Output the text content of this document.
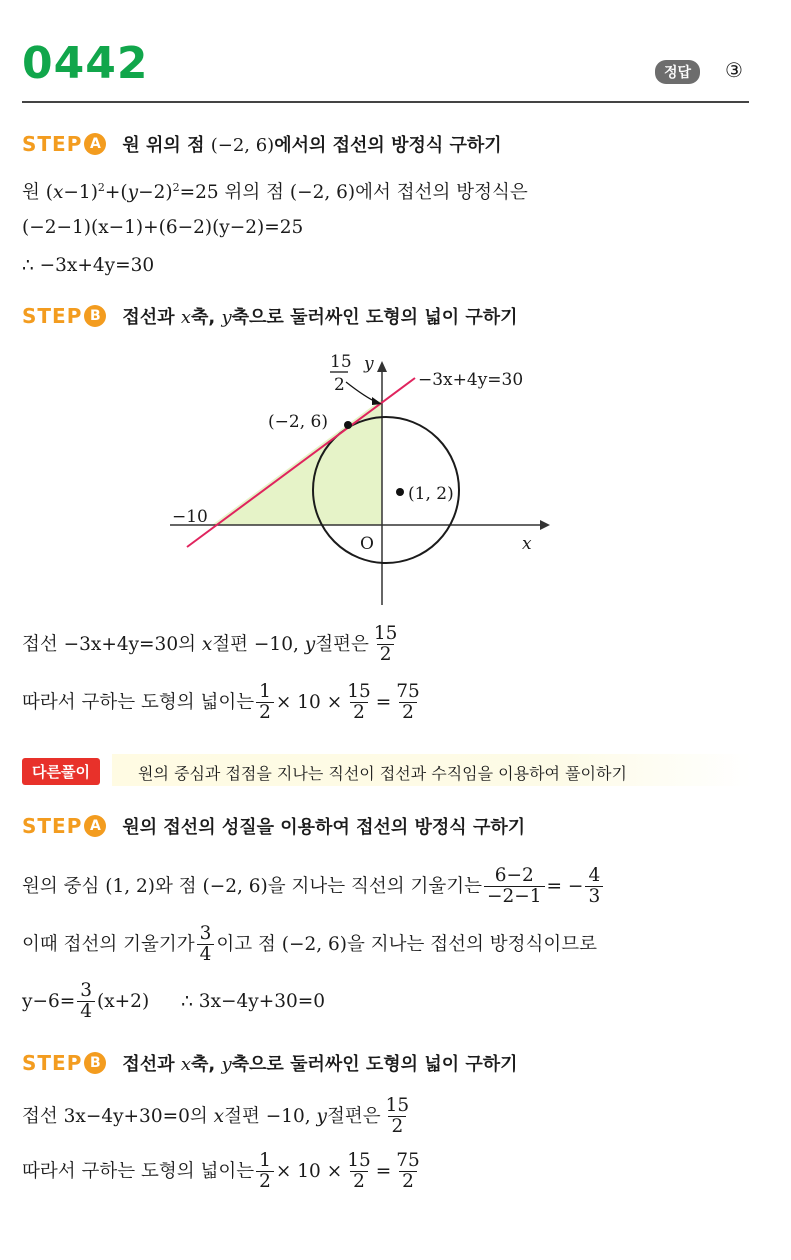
0442	정답	③
STEP A	원 위의 점 (−2, 6)에서의 접선의 방정식 구하기
원 $(x-1)^2+(y-2)^2=25$ 위의 점 (−2, 6)에서 접선의 방정식은
(−2−1)(x−1)+(6−2)(y−2)=25
∴ −3x+4y=30
STEP B	접선과 x축, y축으로 둘러싸인 도형의 넓이 구하기
15
2
y
−3x+4y=30
(−2, 6)
(1, 2)
−10
O	x
접선 −3x+4y=30의 x절편 −10, y절편은 $\frac{15}{2}$
따라서 구하는 도형의 넓이는 $\frac{1}{2} \times 10 \times \frac{15}{2} = \frac{75}{2}$
다른풀이	원의 중심과 접점을 지나는 직선이 접선과 수직임을 이용하여 풀이하기
STEP A	원의 접선의 성질을 이용하여 접선의 방정식 구하기
원의 중심 (1, 2)와 점 (−2, 6)을 지나는 직선의 기울기는 $\frac{6-2}{-2-1}$ = − $\frac{4}{3}$
이때 접선의 기울기가 $\frac{3}{4}$ 이고 점 (−2, 6)을 지나는 접선의 방정식이므로
$y-6= \frac{3}{4} (x+2)$ ∴ 3x−4y+30=0
STEP B	접선과 x축, y축으로 둘러싸인 도형의 넓이 구하기
접선 3x−4y+30=0의 x절편 −10, y절편은 $\frac{15}{2}$
따라서 구하는 도형의 넓이는 $\frac{1}{2} \times 10 \times \frac{15}{2} = \frac{75}{2}$
